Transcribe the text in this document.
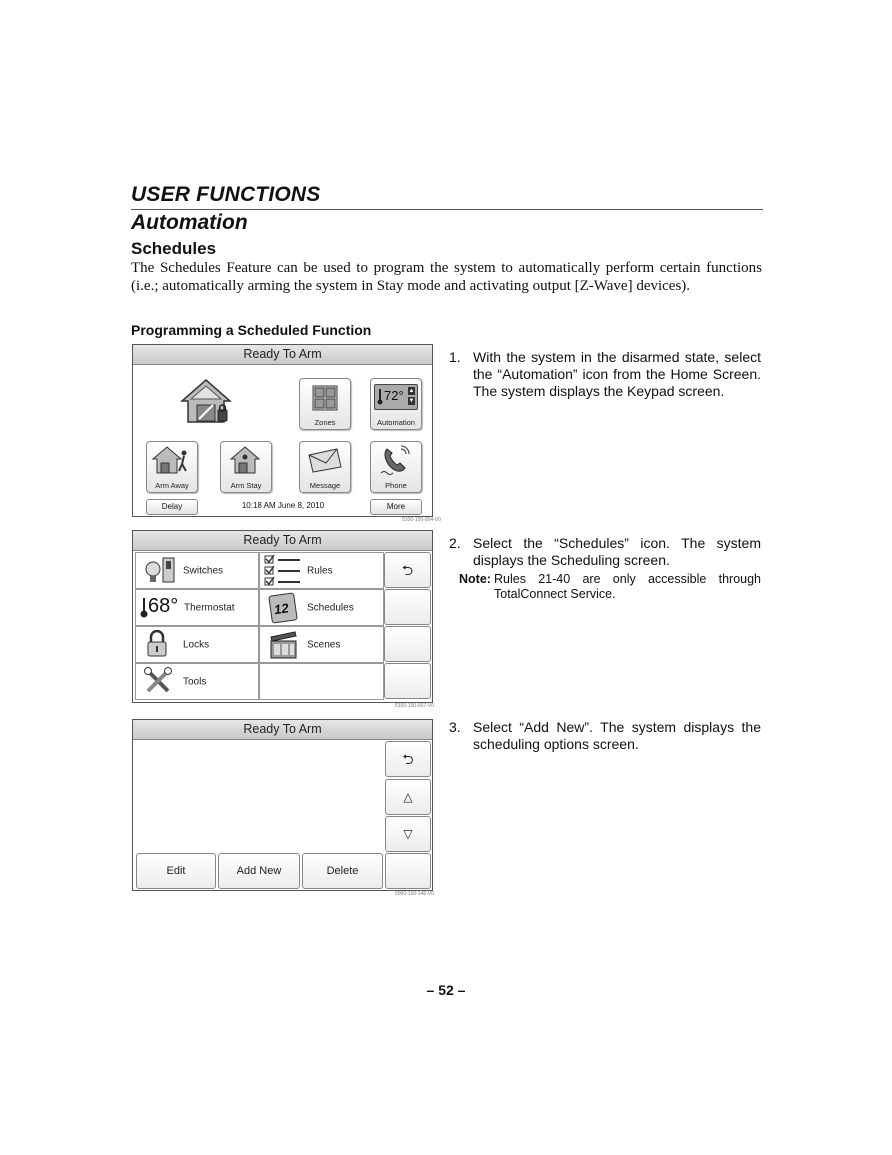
USER FUNCTIONS
Automation
Schedules
The Schedules Feature can be used to program the system to automatically perform certain functions (i.e.; automatically arming the system in Stay mode and activating output [Z-Wave] devices).
Programming a Scheduled Function
Ready To Arm
Zones
72° ▲
▼
Automation
Arm Away	Arm Stay	Message	Phone
Delay	10:18 AM June 8, 2010	More
5100-100-004-V0
Ready To Arm
Switches	Rules	⮌
68° Thermostat	12 Schedules
Locks	Scenes
Tools
5100-100-007-V0
Ready To Arm
⮌
△
▽
Edit	Add New	Delete
5000-100-146-V0
1. With the system in the disarmed state, select the “Automation” icon from the Home Screen. The system displays the Keypad screen.
2. Select the “Schedules” icon. The system displays the Scheduling screen.
Note: Rules 21-40 are only accessible through TotalConnect Service.
3. Select “Add New”. The system displays the scheduling options screen.
– 52 –
